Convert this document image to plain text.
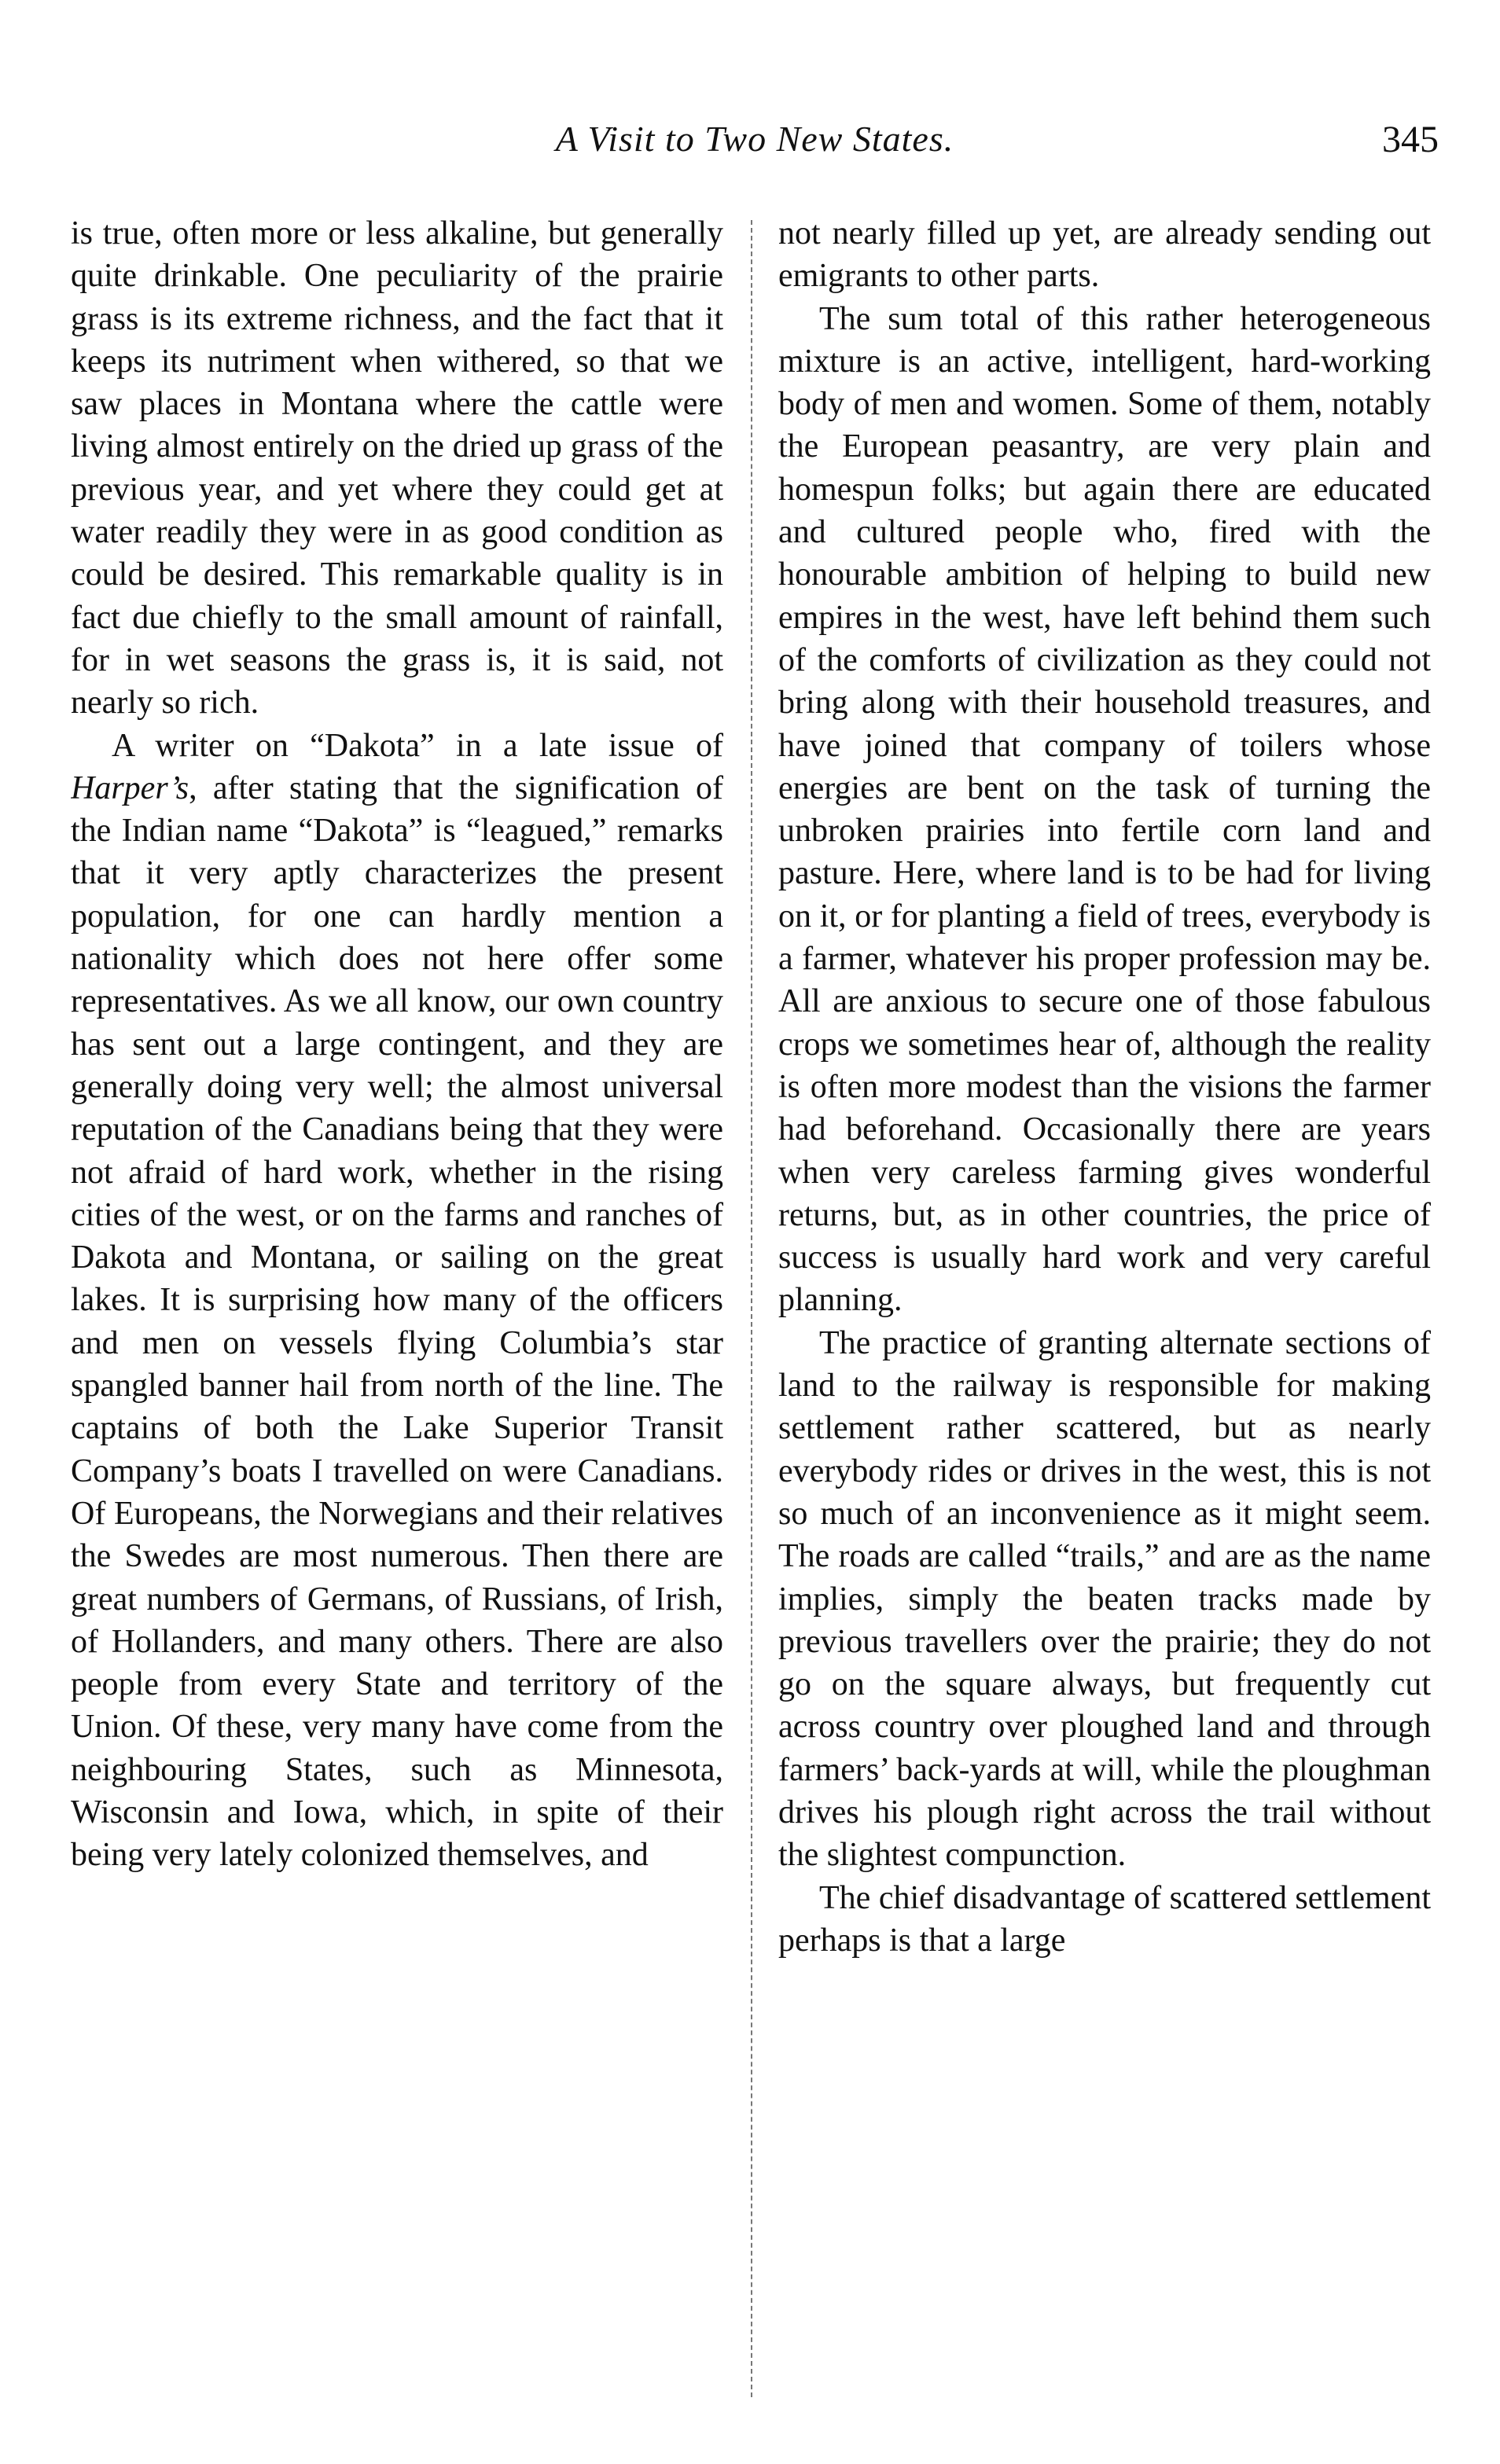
A Visit to Two New States.	345

is true, often more or less alkaline, but generally quite drinkable. One peculiarity of the prairie grass is its extreme richness, and the fact that it keeps its nutriment when withered, so that we saw places in Montana where the cattle were living almost entirely on the dried up grass of the previous year, and yet where they could get at water readily they were in as good condition as could be desired. This remarkable quality is in fact due chiefly to the small amount of rainfall, for in wet seasons the grass is, it is said, not nearly so rich.

A writer on “Dakota” in a late issue of Harper’s, after stating that the signification of the Indian name “Dakota” is “leagued,” remarks that it very aptly characterizes the present population, for one can hardly mention a nationality which does not here offer some representatives. As we all know, our own country has sent out a large contingent, and they are generally doing very well; the almost universal reputation of the Canadians being that they were not afraid of hard work, whether in the rising cities of the west, or on the farms and ranches of Dakota and Montana, or sailing on the great lakes. It is surprising how many of the officers and men on vessels flying Columbia’s star spangled banner hail from north of the line. The captains of both the Lake Superior Transit Company’s boats I travelled on were Canadians. Of Europeans, the Norwegians and their relatives the Swedes are most numerous. Then there are great numbers of Germans, of Russians, of Irish, of Hollanders, and many others. There are also people from every State and territory of the Union. Of these, very many have come from the neighbouring States, such as Minnesota, Wisconsin and Iowa, which, in spite of their being very lately colonized themselves, and

not nearly filled up yet, are already sending out emigrants to other parts.

The sum total of this rather heterogeneous mixture is an active, intelligent, hard-working body of men and women. Some of them, notably the European peasantry, are very plain and homespun folks; but again there are educated and cultured people who, fired with the honourable ambition of helping to build new empires in the west, have left behind them such of the comforts of civilization as they could not bring along with their household treasures, and have joined that company of toilers whose energies are bent on the task of turning the unbroken prairies into fertile corn land and pasture. Here, where land is to be had for living on it, or for planting a field of trees, everybody is a farmer, whatever his proper profession may be. All are anxious to secure one of those fabulous crops we sometimes hear of, although the reality is often more modest than the visions the farmer had beforehand. Occasionally there are years when very careless farming gives wonderful returns, but, as in other countries, the price of success is usually hard work and very careful planning.

The practice of granting alternate sections of land to the railway is responsible for making settlement rather scattered, but as nearly everybody rides or drives in the west, this is not so much of an inconvenience as it might seem. The roads are called “trails,” and are as the name implies, simply the beaten tracks made by previous travellers over the prairie; they do not go on the square always, but frequently cut across country over ploughed land and through farmers’ back-yards at will, while the ploughman drives his plough right across the trail without the slightest compunction.

The chief disadvantage of scattered settlement perhaps is that a large
